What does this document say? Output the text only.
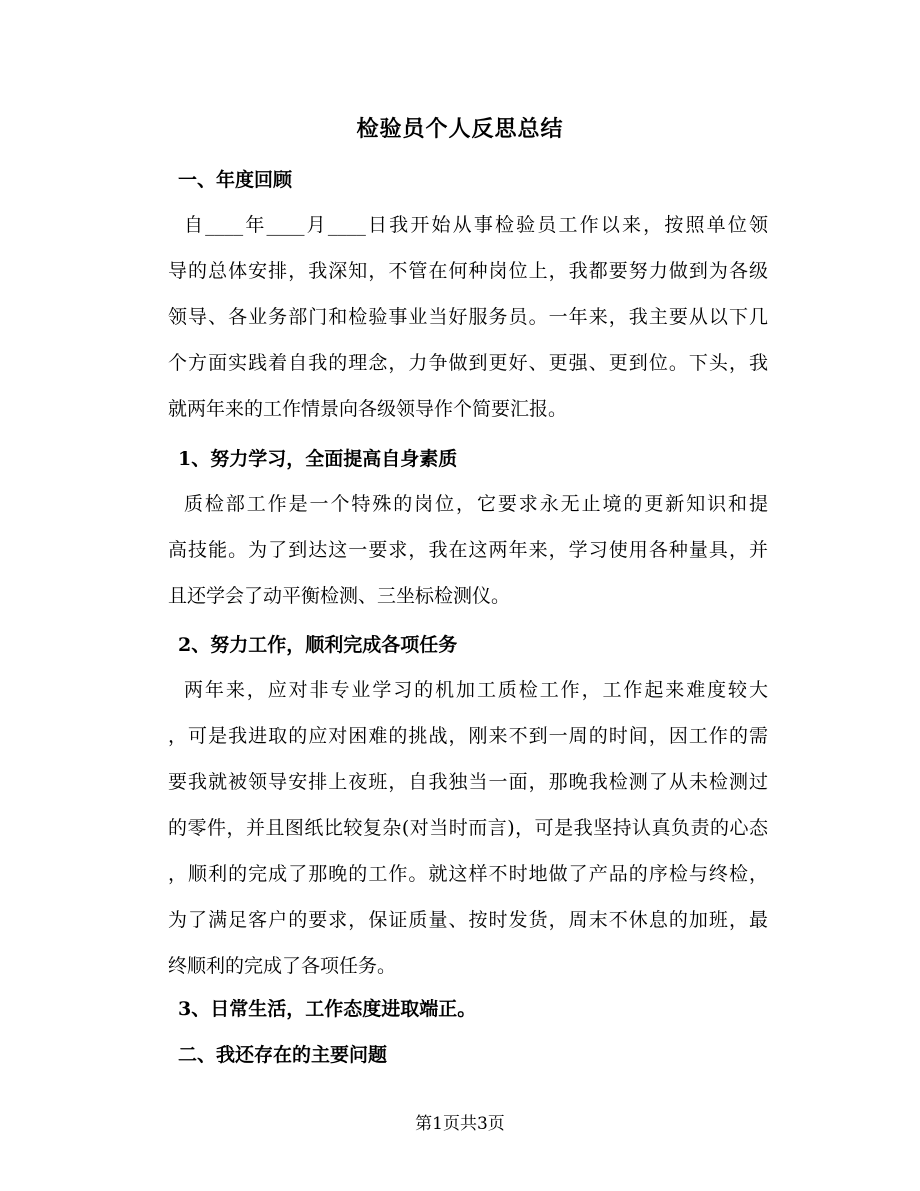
检验员个人反思总结
一、年度回顾
自____年____月____日我开始从事检验员工作以来，按照单位领
导的总体安排，我深知，不管在何种岗位上，我都要努力做到为各级
领导、各业务部门和检验事业当好服务员。一年来，我主要从以下几
个方面实践着自我的理念，力争做到更好、更强、更到位。下头，我
就两年来的工作情景向各级领导作个简要汇报。
1、努力学习，全面提高自身素质
质检部工作是一个特殊的岗位，它要求永无止境的更新知识和提
高技能。为了到达这一要求，我在这两年来，学习使用各种量具，并
且还学会了动平衡检测、三坐标检测仪。
2、努力工作，顺利完成各项任务
两年来，应对非专业学习的机加工质检工作，工作起来难度较大
，可是我进取的应对困难的挑战，刚来不到一周的时间，因工作的需
要我就被领导安排上夜班，自我独当一面，那晚我检测了从未检测过
的零件，并且图纸比较复杂(对当时而言)，可是我坚持认真负责的心态
，顺利的完成了那晚的工作。就这样不时地做了产品的序检与终检，
为了满足客户的要求，保证质量、按时发货，周末不休息的加班，最
终顺利的完成了各项任务。
3、日常生活，工作态度进取端正。
二、我还存在的主要问题

第1页共3页
